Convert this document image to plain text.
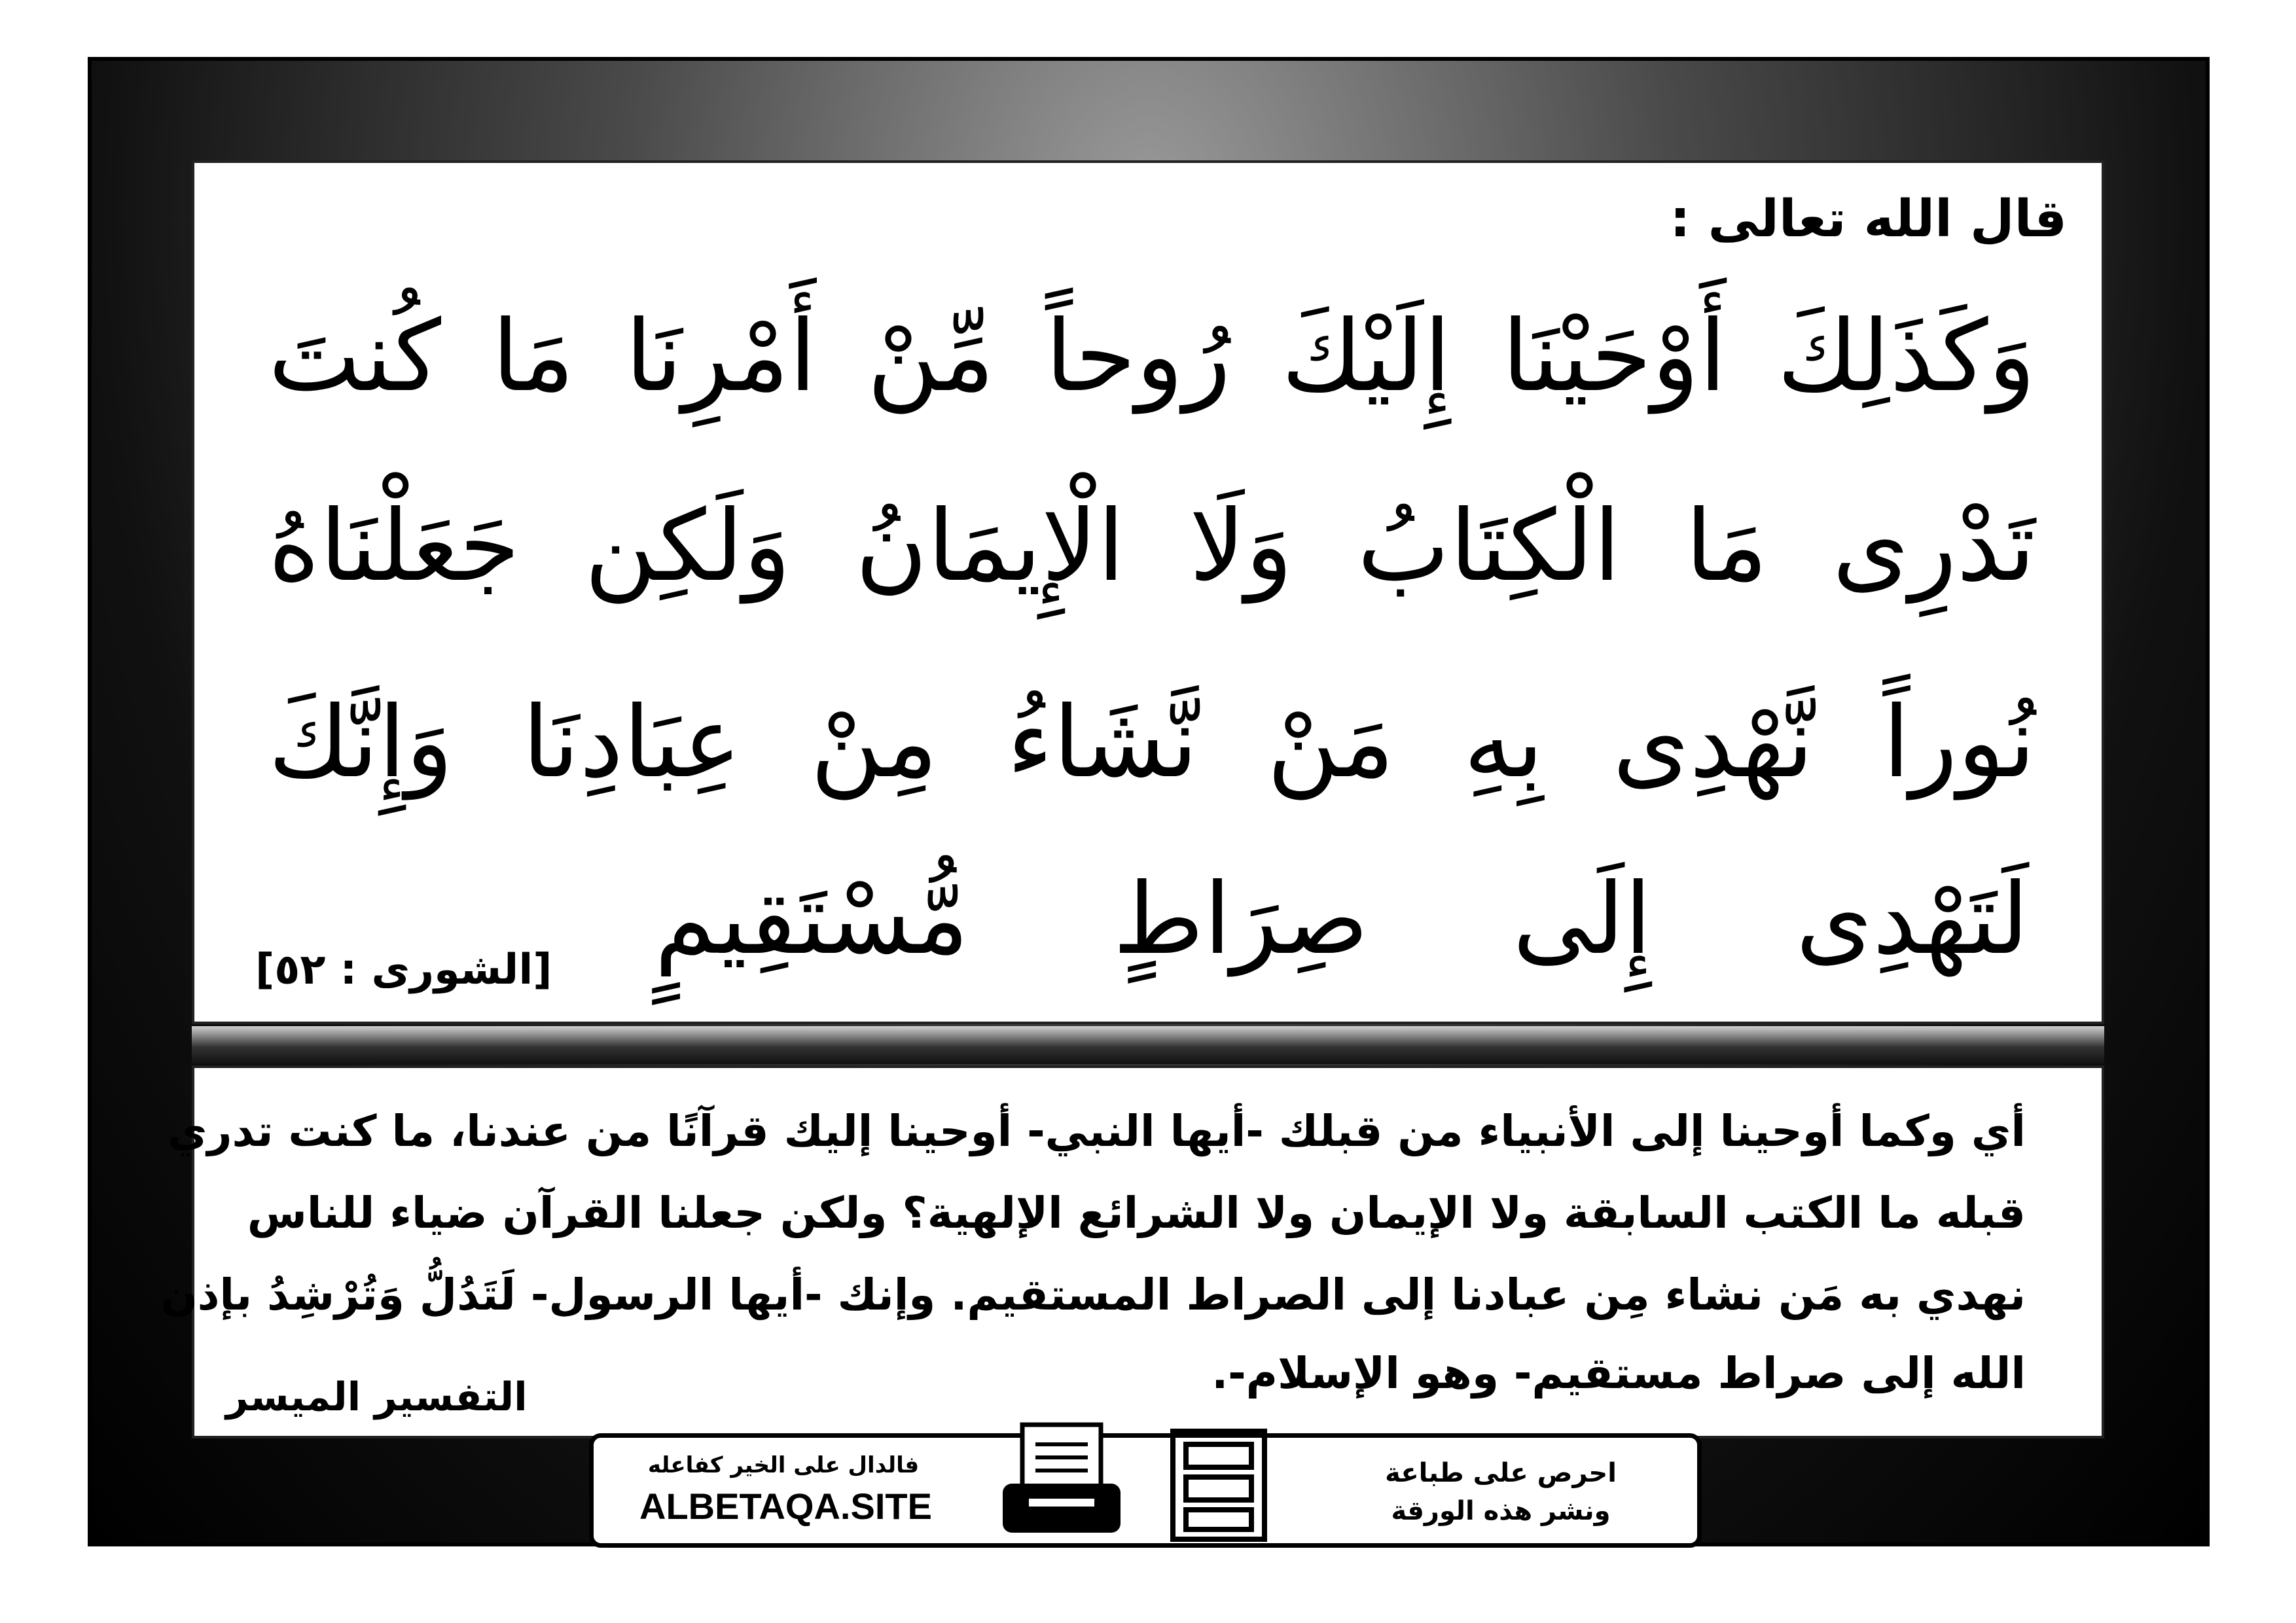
قال الله تعالى :
وَكَذَلِكَ أَوْحَيْنَا إِلَيْكَ رُوحاً مِّنْ أَمْرِنَا مَا كُنتَ
تَدْرِى مَا الْكِتَابُ وَلَا الْإِيمَانُ وَلَكِن جَعَلْنَاهُ
نُوراً نَّهْدِى بِهِ مَنْ نَّشَاءُ مِنْ عِبَادِنَا وَإِنَّكَ
لَتَهْدِى إِلَى صِرَاطٍ مُّسْتَقِيمٍ
[الشورى : ٥٢]
أي وكما أوحينا إلى الأنبياء من قبلك -أيها النبي- أوحينا إليك قرآنًا من عندنا، ما كنت تدري
قبله ما الكتب السابقة ولا الإيمان ولا الشرائع الإلهية؟ ولكن جعلنا القرآن ضياء للناس
نهدي به مَن نشاء مِن عبادنا إلى الصراط المستقيم. وإنك -أيها الرسول- لَتَدُلُّ وَتُرْشِدُ بإذن
الله إلى صراط مستقيم- وهو الإسلام-.
التفسير الميسر
فالدال على الخير كفاعله
ALBETAQA.SITE
احرص على طباعة
ونشر هذه الورقة
